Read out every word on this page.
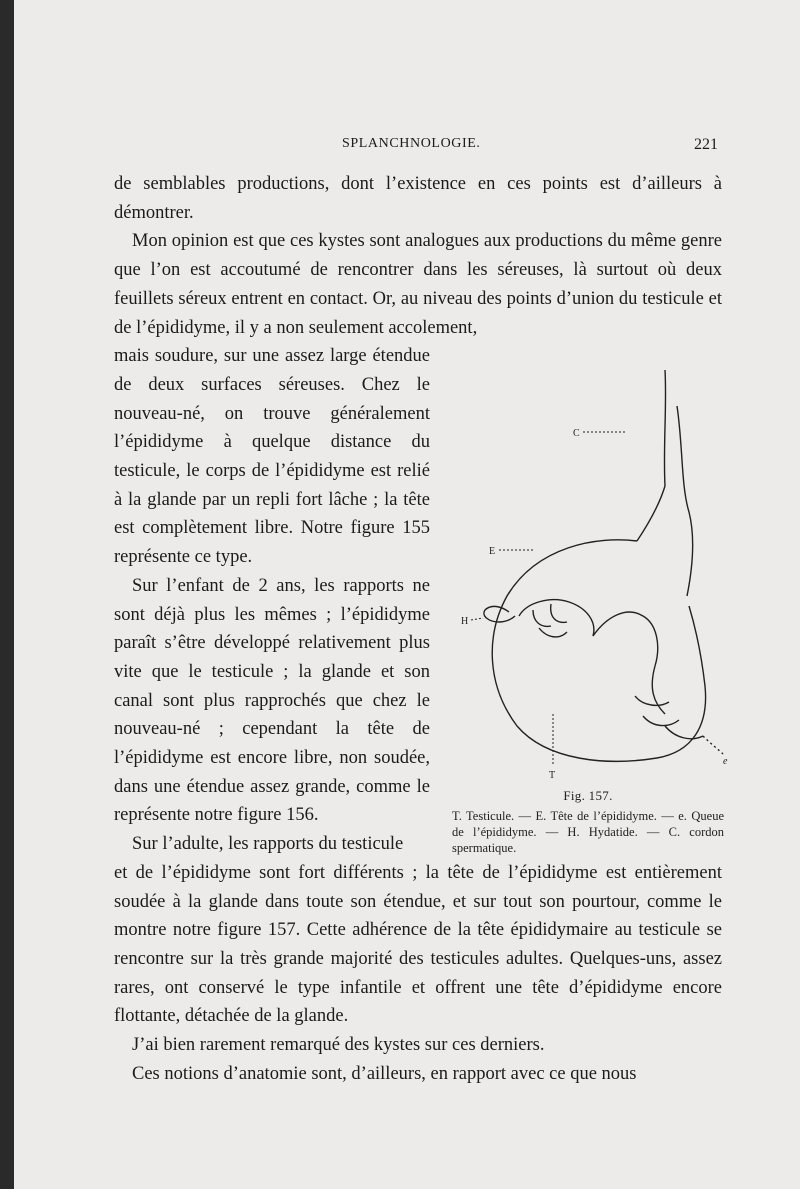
SPLANCHNOLOGIE.	221

de semblables productions, dont l’existence en ces points est d’ailleurs à démontrer.

Mon opinion est que ces kystes sont analogues aux productions du même genre que l’on est accoutumé de rencontrer dans les séreuses, là surtout où deux feuillets séreux entrent en contact. Or, au niveau des points d’union du testicule et de l’épididyme, il y a non seulement accolement,

mais soudure, sur une assez large étendue de deux surfaces séreuses. Chez le nouveau-né, on trouve généralement l’épididyme à quelque distance du testicule, le corps de l’épididyme est relié à la glande par un repli fort lâche ; la tête est complètement libre. Notre figure 155 représente ce type.

Sur l’enfant de 2 ans, les rapports ne sont déjà plus les mêmes ; l’épididyme paraît s’être développé relativement plus vite que le testicule ; la glande et son canal sont plus rapprochés que chez le nouveau-né ; cependant la tête de l’épididyme est encore libre, non soudée, dans une étendue assez grande, comme le représente notre figure 156.

Sur l’adulte, les rapports du testicule

et de l’épididyme sont fort différents ; la tête de l’épididyme est entièrement soudée à la glande dans toute son étendue, et sur tout son pourtour, comme le montre notre figure 157. Cette adhérence de la tête épididymaire au testicule se rencontre sur la très grande majorité des testicules adultes. Quelques-uns, assez rares, ont conservé le type infantile et offrent une tête d’épididyme encore flottante, détachée de la glande.

J’ai bien rarement remarqué des kystes sur ces derniers.

Ces notions d’anatomie sont, d’ailleurs, en rapport avec ce que nous

C
E
H
T
e
Fig. 157.
T. Testicule. — E. Tête de l’épididyme. — e. Queue de l’épididyme. — H. Hydatide. — C. cordon spermatique.
